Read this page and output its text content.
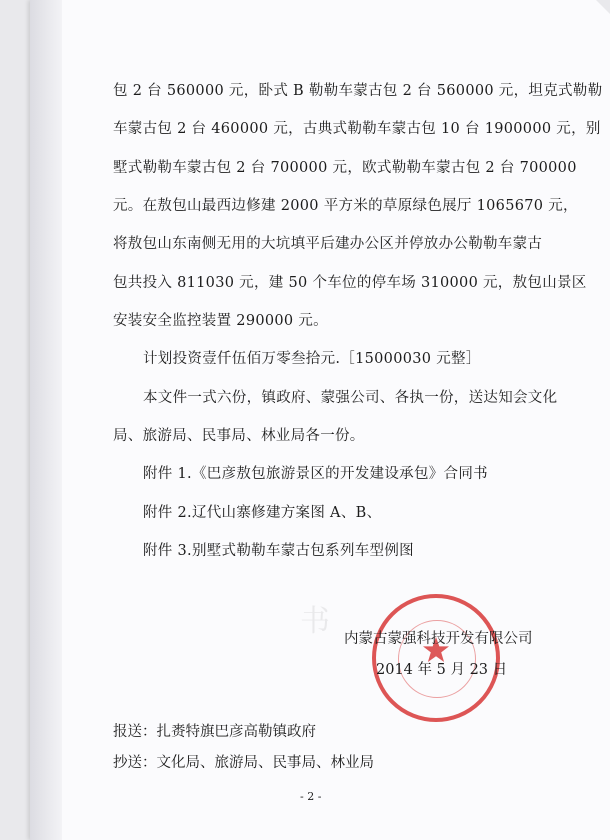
包 2 台 560000 元，卧式 B 勒勒车蒙古包 2 台 560000 元，坦克式勒勒
车蒙古包 2 台 460000 元，古典式勒勒车蒙古包 10 台 1900000 元，别
墅式勒勒车蒙古包 2 台 700000 元，欧式勒勒车蒙古包 2 台 700000
元。在敖包山最西边修建 2000 平方米的草原绿色展厅 1065670 元，
将敖包山东南侧无用的大坑填平后建办公区并停放办公勒勒车蒙古
包共投入 811030 元，建 50 个车位的停车场 310000 元，敖包山景区
安装安全监控装置 290000 元。
计划投资壹仟伍佰万零叁拾元.［15000030 元整］
本文件一式六份，镇政府、蒙强公司、各执一份，送达知会文化
局、旅游局、民事局、林业局各一份。
附件 1.《巴彦敖包旅游景区的开发建设承包》合同书
附件 2.辽代山寨修建方案图 A、B、
附件 3.别墅式勒勒车蒙古包系列车型例图
书 内蒙古蒙强科技开发有限公司
2014 年 5 月 23 日
报送：扎赉特旗巴彦高勒镇政府
抄送：文化局、旅游局、民事局、林业局
- 2 -
